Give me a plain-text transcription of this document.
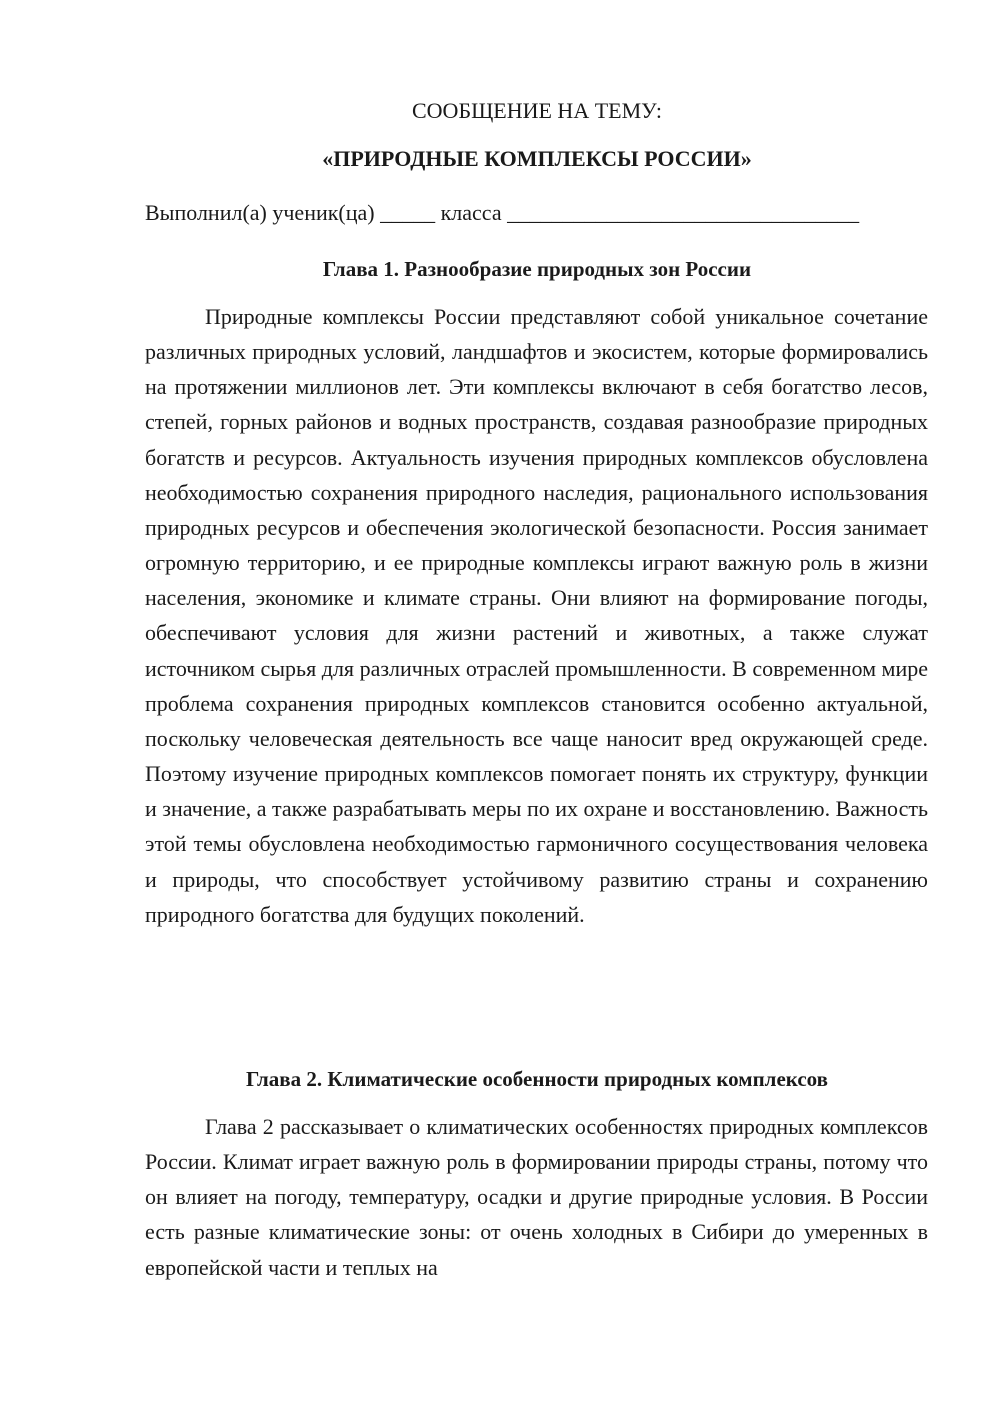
СООБЩЕНИЕ НА ТЕМУ:
«ПРИРОДНЫЕ КОМПЛЕКСЫ РОССИИ»
Выполнил(а) ученик(ца) _____ класса ________________________________
Глава 1. Разнообразие природных зон России

Природные комплексы России представляют собой уникальное сочетание различных природных условий, ландшафтов и экосистем, которые формировались на протяжении миллионов лет. Эти комплексы включают в себя богатство лесов, степей, горных районов и водных пространств, создавая разнообразие природных богатств и ресурсов. Актуальность изучения природных комплексов обусловлена необходимостью сохранения природного наследия, рационального использования природных ресурсов и обеспечения экологической безопасности. Россия занимает огромную территорию, и ее природные комплексы играют важную роль в жизни населения, экономике и климате страны. Они влияют на формирование погоды, обеспечивают условия для жизни растений и животных, а также служат источником сырья для различных отраслей промышленности. В современном мире проблема сохранения природных комплексов становится особенно актуальной, поскольку человеческая деятельность все чаще наносит вред окружающей среде. Поэтому изучение природных комплексов помогает понять их структуру, функции и значение, а также разрабатывать меры по их охране и восстановлению. Важность этой темы обусловлена необходимостью гармоничного сосуществования человека и природы, что способствует устойчивому развитию страны и сохранению природного богатства для будущих поколений.

Глава 2. Климатические особенности природных комплексов

Глава 2 рассказывает о климатических особенностях природных комплексов России. Климат играет важную роль в формировании природы страны, потому что он влияет на погоду, температуру, осадки и другие природные условия. В России есть разные климатические зоны: от очень холодных в Сибири до умеренных в европейской части и теплых на
